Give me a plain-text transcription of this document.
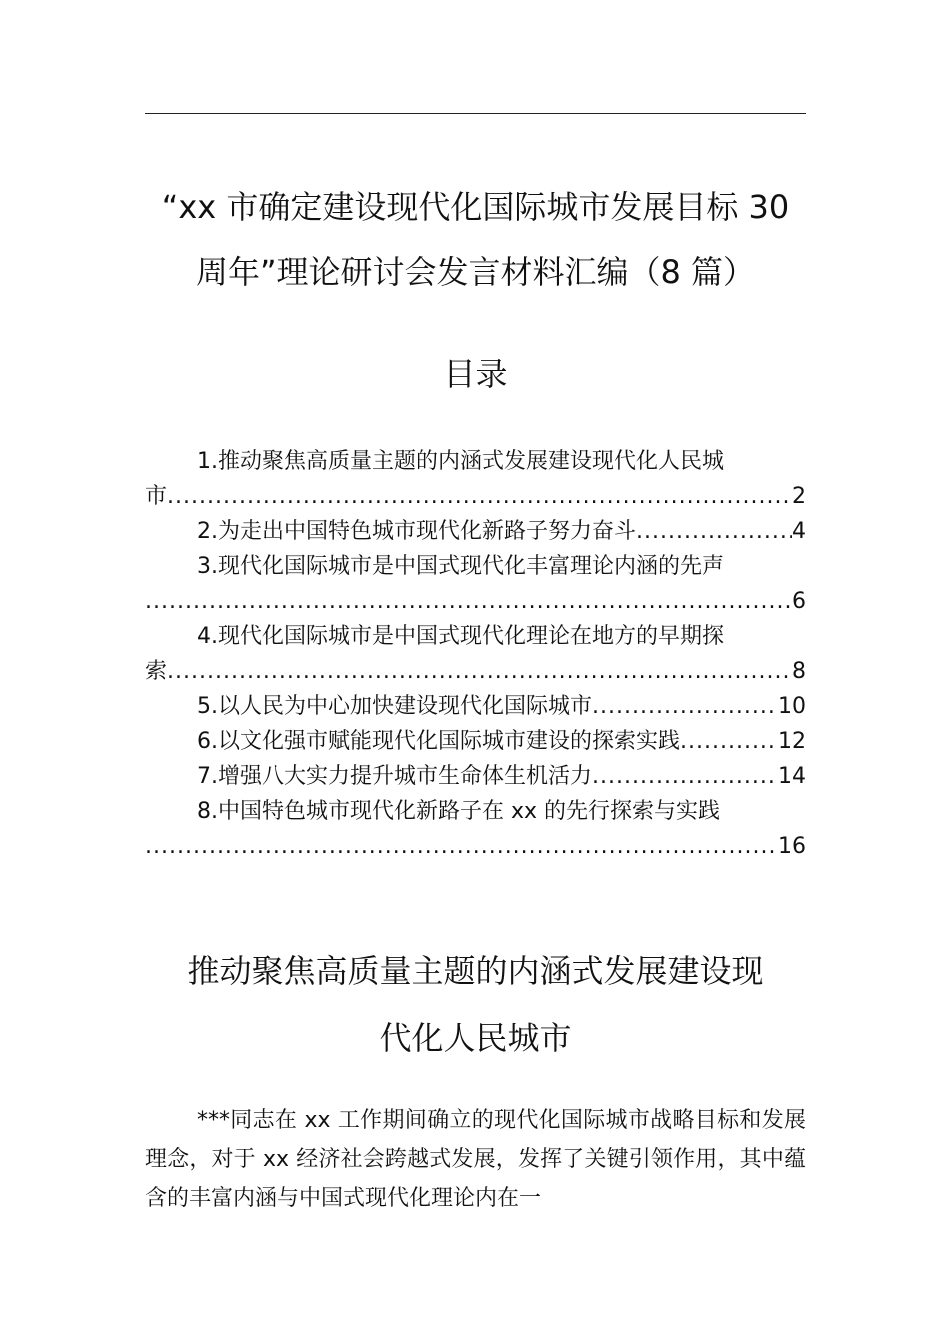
“xx 市确定建设现代化国际城市发展目标 30
周年”理论研讨会发言材料汇编（8 篇）
目录
1.推动聚焦高质量主题的内涵式发展建设现代化人民城
市 .....	2
2.为走出中国特色城市现代化新路子努力奋斗 .....	4
3.现代化国际城市是中国式现代化丰富理论内涵的先声
.....
6
4.现代化国际城市是中国式现代化理论在地方的早期探
索 .....	8
5.以人民为中心加快建设现代化国际城市 .....	10
6.以文化强市赋能现代化国际城市建设的探索实践 .....	12
7.增强八大实力提升城市生命体生机活力 .....	14
8.中国特色城市现代化新路子在 xx 的先行探索与实践
.....
16
推动聚焦高质量主题的内涵式发展建设现
代化人民城市

***同志在 xx 工作期间确立的现代化国际城市战略目标和发展理念，对于 xx 经济社会跨越式发展，发挥了关键引领作用，其中蕴含的丰富内涵与中国式现代化理论内在一
